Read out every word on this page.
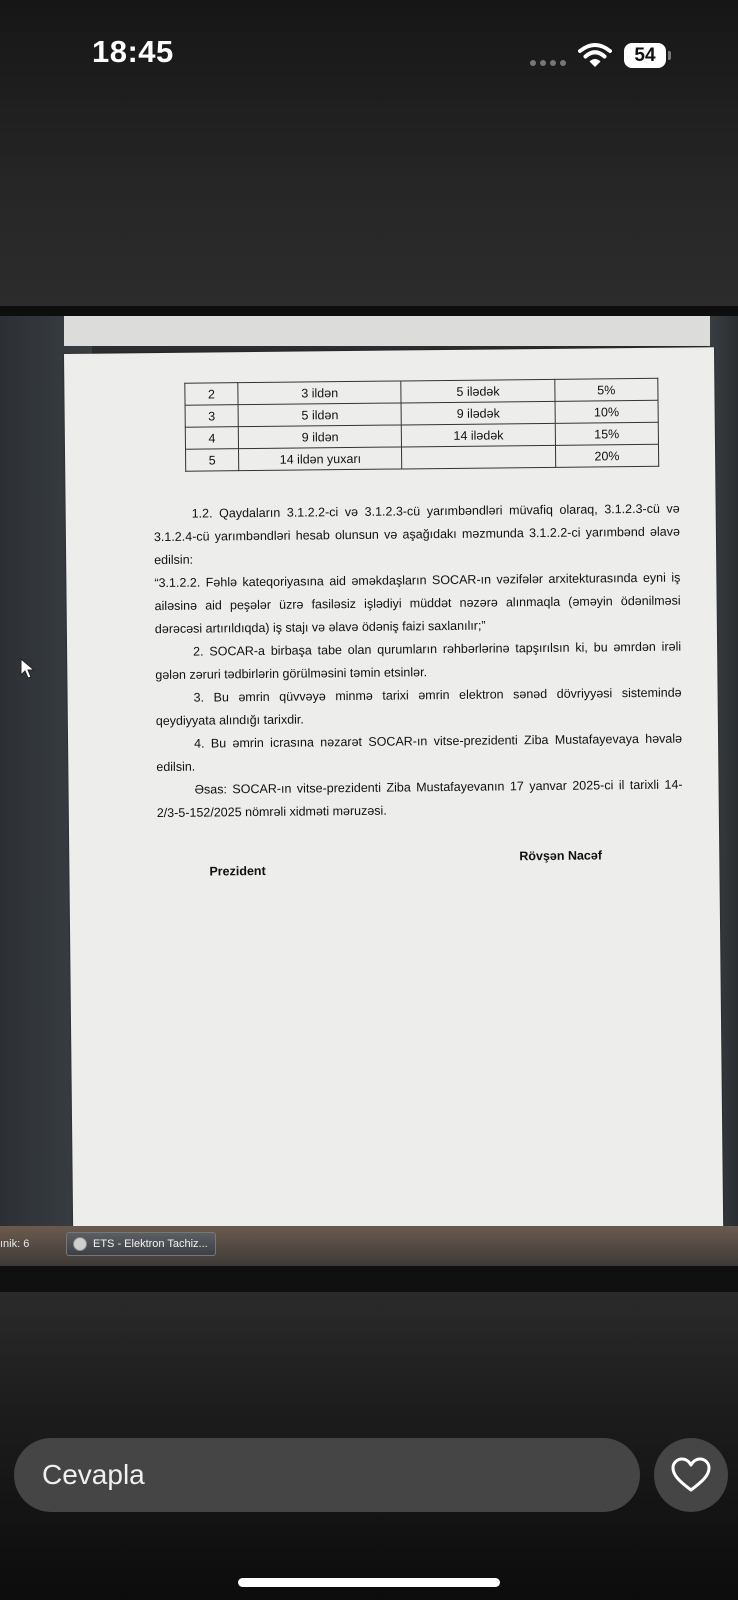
18:45	54
2	3 ildən	5 ilədək	5%
3	5 ildən	9 ilədək	10%
4	9 ildən	14 ilədək	15%
5	14 ildən yuxarı		20%

1.2. Qaydaların 3.1.2.2-ci və 3.1.2.3-cü yarımbəndləri müvafiq olaraq, 3.1.2.3-cü və 3.1.2.4-cü yarımbəndləri hesab olunsun və aşağıdakı məzmunda 3.1.2.2-ci yarımbənd əlavə edilsin:

“3.1.2.2. Fəhlə kateqoriyasına aid əməkdaşların SOCAR-ın vəzifələr arxitekturasında eyni iş ailəsinə aid peşələr üzrə fasiləsiz işlədiyi müddət nəzərə alınmaqla (əməyin ödənilməsi dərəcəsi artırıldıqda) iş stajı və əlavə ödəniş faizi saxlanılır;”

2. SOCAR-a birbaşa tabe olan qurumların rəhbərlərinə tapşırılsın ki, bu əmrdən irəli gələn zəruri tədbirlərin görülməsini təmin etsinlər.

3. Bu əmrin qüvvəyə minmə tarixi əmrin elektron sənəd dövriyyəsi sistemində qeydiyyata alındığı tarixdir.

4. Bu əmrin icrasına nəzarət SOCAR-ın vitse-prezidenti Ziba Mustafayevaya həvalə edilsin.

Əsas: SOCAR-ın vitse-prezidenti Ziba Mustafayevanın 17 yanvar 2025-ci il tarixli 14-2/3-5-152/2025 nömrəli xidməti məruzəsi.

Prezident
Rövşən Nacəf
ınik: 6	ETS - Elektron Tachiz...
Cevapla
